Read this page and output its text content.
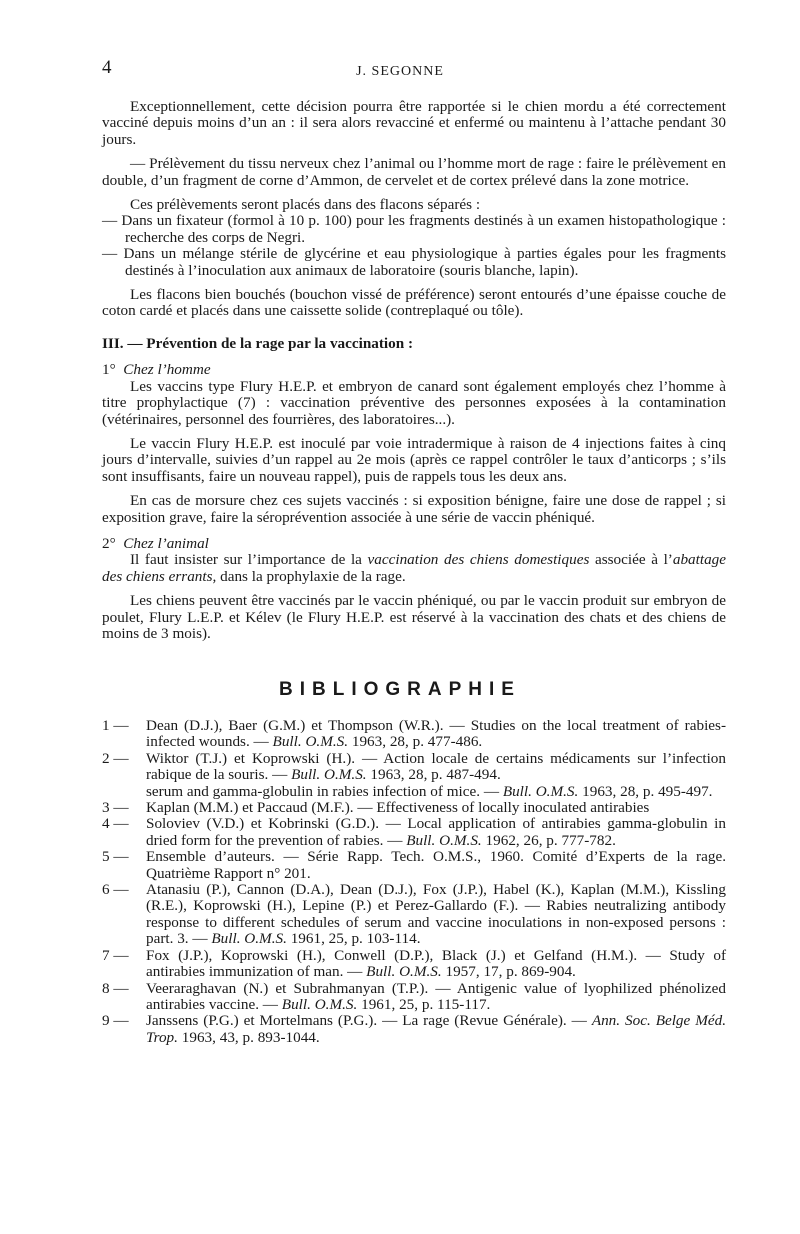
4	J. SEGONNE

Exceptionnellement, cette décision pourra être rapportée si le chien mordu a été correctement vacciné depuis moins d’un an : il sera alors revacciné et enfermé ou maintenu à l’attache pendant 30 jours.

— Prélèvement du tissu nerveux chez l’animal ou l’homme mort de rage : faire le prélèvement en double, d’un fragment de corne d’Ammon, de cervelet et de cortex prélevé dans la zone motrice.

Ces prélèvements seront placés dans des flacons séparés :

— Dans un fixateur (formol à 10 p. 100) pour les fragments destinés à un examen histopathologique : recherche des corps de Negri.

— Dans un mélange stérile de glycérine et eau physiologique à parties égales pour les fragments destinés à l’inoculation aux animaux de laboratoire (souris blanche, lapin).

Les flacons bien bouchés (bouchon vissé de préférence) seront entourés d’une épaisse couche de coton cardé et placés dans une caissette solide (contreplaqué ou tôle).

III. — Prévention de la rage par la vaccination :

1° Chez l’homme

Les vaccins type Flury H.E.P. et embryon de canard sont également employés chez l’homme à titre prophylactique (7) : vaccination préventive des personnes exposées à la contamination (vétérinaires, personnel des fourrières, des laboratoires...).

Le vaccin Flury H.E.P. est inoculé par voie intradermique à raison de 4 injections faites à cinq jours d’intervalle, suivies d’un rappel au 2e mois (après ce rappel contrôler le taux d’anticorps ; s’ils sont insuffisants, faire un nouveau rappel), puis de rappels tous les deux ans.

En cas de morsure chez ces sujets vaccinés : si exposition bénigne, faire une dose de rappel ; si exposition grave, faire la séroprévention associée à une série de vaccin phéniqué.

2° Chez l’animal

Il faut insister sur l’importance de la vaccination des chiens domestiques associée à l’abattage des chiens errants, dans la prophylaxie de la rage.

Les chiens peuvent être vaccinés par le vaccin phéniqué, ou par le vaccin produit sur embryon de poulet, Flury L.E.P. et Kélev (le Flury H.E.P. est réservé à la vaccination des chats et des chiens de moins de 3 mois).

BIBLIOGRAPHIE
1 —	Dean (D.J.), Baer (G.M.) et Thompson (W.R.). — Studies on the local treatment of rabies-infected wounds. — Bull. O.M.S. 1963, 28, p. 477-486.
2 —	Wiktor (T.J.) et Koprowski (H.). — Action locale de certains médicaments sur l’infection rabique de la souris. — Bull. O.M.S. 1963, 28, p. 487-494.
serum and gamma-globulin in rabies infection of mice. — Bull. O.M.S. 1963, 28, p. 495-497.
3 —	Kaplan (M.M.) et Paccaud (M.F.). — Effectiveness of locally inoculated antirabies
4 —	Soloviev (V.D.) et Kobrinski (G.D.). — Local application of antirabies gamma-globulin in dried form for the prevention of rabies. — Bull. O.M.S. 1962, 26, p. 777-782.
5 —	Ensemble d’auteurs. — Série Rapp. Tech. O.M.S., 1960. Comité d’Experts de la rage. Quatrième Rapport n° 201.
6 —	Atanasiu (P.), Cannon (D.A.), Dean (D.J.), Fox (J.P.), Habel (K.), Kaplan (M.M.), Kissling (R.E.), Koprowski (H.), Lepine (P.) et Perez-Gallardo (F.). — Rabies neutralizing antibody response to different schedules of serum and vaccine inoculations in non-exposed persons : part. 3. — Bull. O.M.S. 1961, 25, p. 103-114.
7 —	Fox (J.P.), Koprowski (H.), Conwell (D.P.), Black (J.) et Gelfand (H.M.). — Study of antirabies immunization of man. — Bull. O.M.S. 1957, 17, p. 869-904.
8 —	Veeraraghavan (N.) et Subrahmanyan (T.P.). — Antigenic value of lyophilized phénolized antirabies vaccine. — Bull. O.M.S. 1961, 25, p. 115-117.
9 —	Janssens (P.G.) et Mortelmans (P.G.). — La rage (Revue Générale). — Ann. Soc. Belge Méd. Trop. 1963, 43, p. 893-1044.
